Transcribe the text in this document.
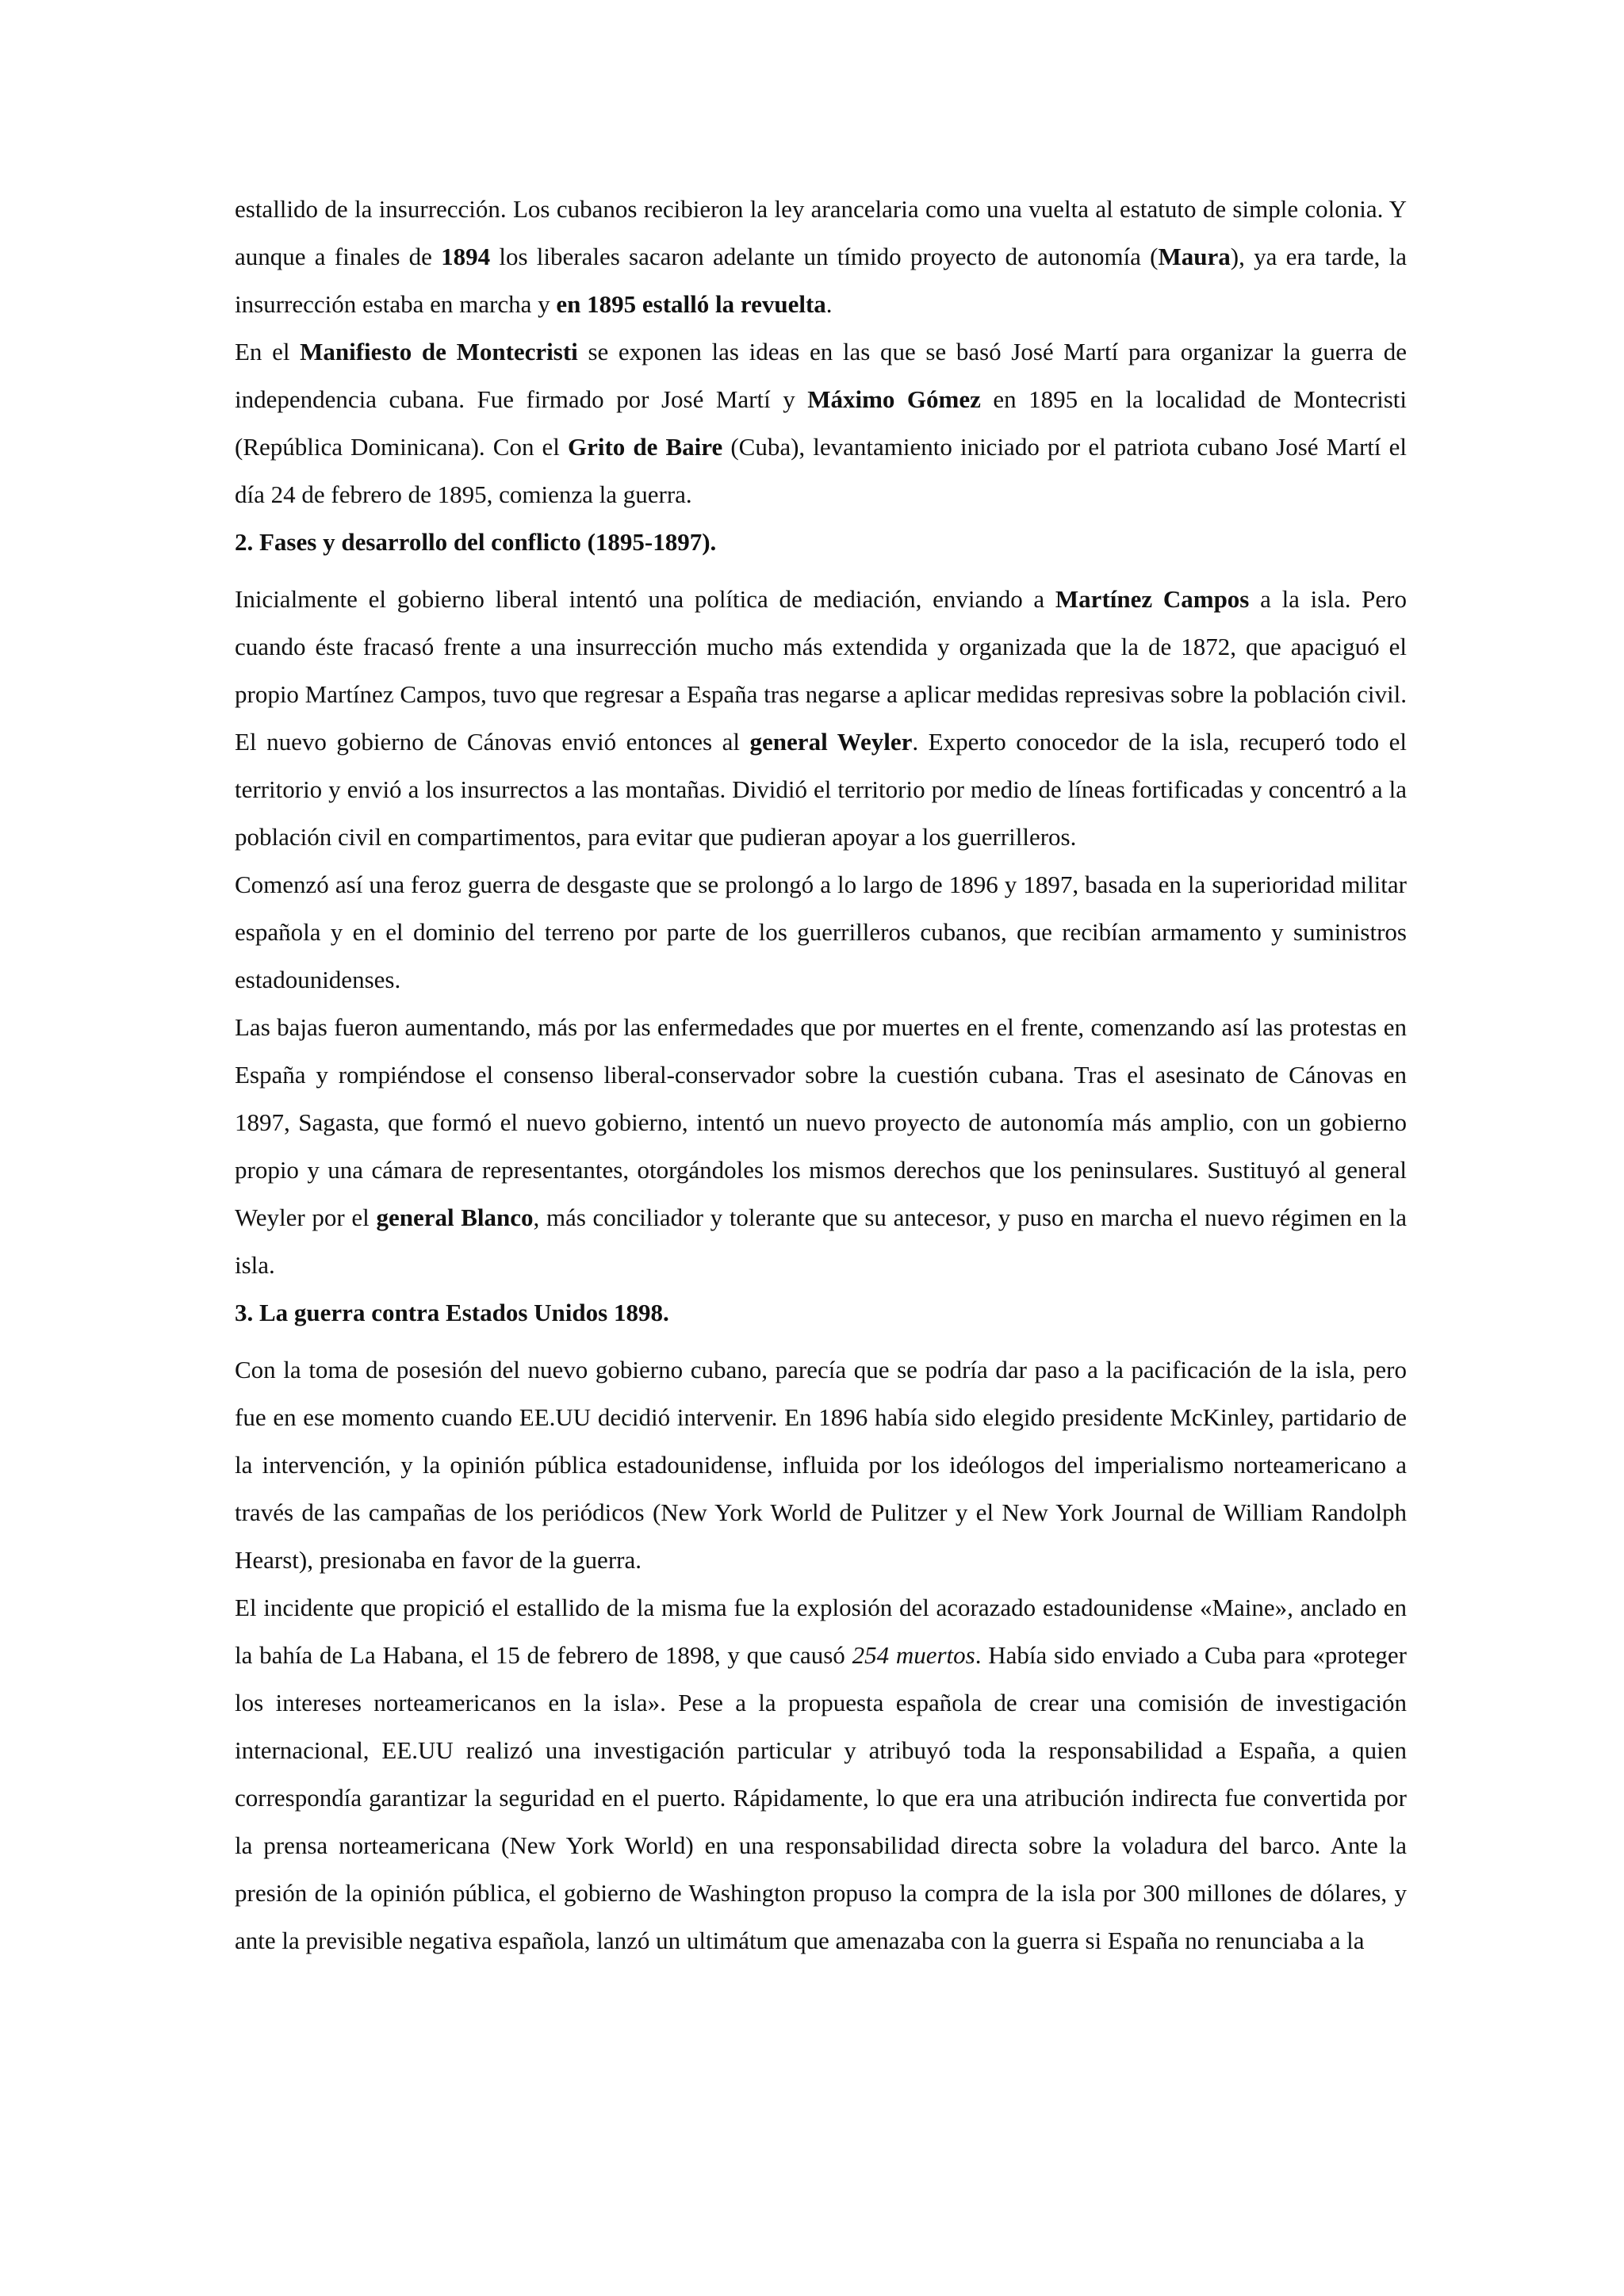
estallido de la insurrección. Los cubanos recibieron la ley arancelaria como una vuelta al estatuto de simple colonia. Y aunque a finales de 1894 los liberales sacaron adelante un tímido proyecto de autonomía (Maura), ya era tarde, la insurrección estaba en marcha y en 1895 estalló la revuelta.

En el Manifiesto de Montecristi se exponen las ideas en las que se basó José Martí para organizar la guerra de independencia cubana. Fue firmado por José Martí y Máximo Gómez en 1895 en la localidad de Montecristi (República Dominicana). Con el Grito de Baire (Cuba), levantamiento iniciado por el patriota cubano José Martí el día 24 de febrero de 1895, comienza la guerra.

2. Fases y desarrollo del conflicto (1895-1897).

Inicialmente el gobierno liberal intentó una política de mediación, enviando a Martínez Campos a la isla. Pero cuando éste fracasó frente a una insurrección mucho más extendida y organizada que la de 1872, que apaciguó el propio Martínez Campos, tuvo que regresar a España tras negarse a aplicar medidas represivas sobre la población civil.

El nuevo gobierno de Cánovas envió entonces al general Weyler. Experto conocedor de la isla, recuperó todo el territorio y envió a los insurrectos a las montañas. Dividió el territorio por medio de líneas fortificadas y concentró a la población civil en compartimentos, para evitar que pudieran apoyar a los guerrilleros.

Comenzó así una feroz guerra de desgaste que se prolongó a lo largo de 1896 y 1897, basada en la superioridad militar española y en el dominio del terreno por parte de los guerrilleros cubanos, que recibían armamento y suministros estadounidenses.

Las bajas fueron aumentando, más por las enfermedades que por muertes en el frente, comenzando así las protestas en España y rompiéndose el consenso liberal-conservador sobre la cuestión cubana. Tras el asesinato de Cánovas en 1897, Sagasta, que formó el nuevo gobierno, intentó un nuevo proyecto de autonomía más amplio, con un gobierno propio y una cámara de representantes, otorgándoles los mismos derechos que los peninsulares. Sustituyó al general Weyler por el general Blanco, más conciliador y tolerante que su antecesor, y puso en marcha el nuevo régimen en la isla.

3. La guerra contra Estados Unidos 1898.

Con la toma de posesión del nuevo gobierno cubano, parecía que se podría dar paso a la pacificación de la isla, pero fue en ese momento cuando EE.UU decidió intervenir. En 1896 había sido elegido presidente McKinley, partidario de la intervención, y la opinión pública estadounidense, influida por los ideólogos del imperialismo norteamericano a través de las campañas de los periódicos (New York World de Pulitzer y el New York Journal de William Randolph Hearst), presionaba en favor de la guerra.

El incidente que propició el estallido de la misma fue la explosión del acorazado estadounidense «Maine», anclado en la bahía de La Habana, el 15 de febrero de 1898, y que causó 254 muertos. Había sido enviado a Cuba para «proteger los intereses norteamericanos en la isla». Pese a la propuesta española de crear una comisión de investigación internacional, EE.UU realizó una investigación particular y atribuyó toda la responsabilidad a España, a quien correspondía garantizar la seguridad en el puerto. Rápidamente, lo que era una atribución indirecta fue convertida por la prensa norteamericana (New York World) en una responsabilidad directa sobre la voladura del barco. Ante la presión de la opinión pública, el gobierno de Washington propuso la compra de la isla por 300 millones de dólares, y ante la previsible negativa española, lanzó un ultimátum que amenazaba con la guerra si España no renunciaba a la
